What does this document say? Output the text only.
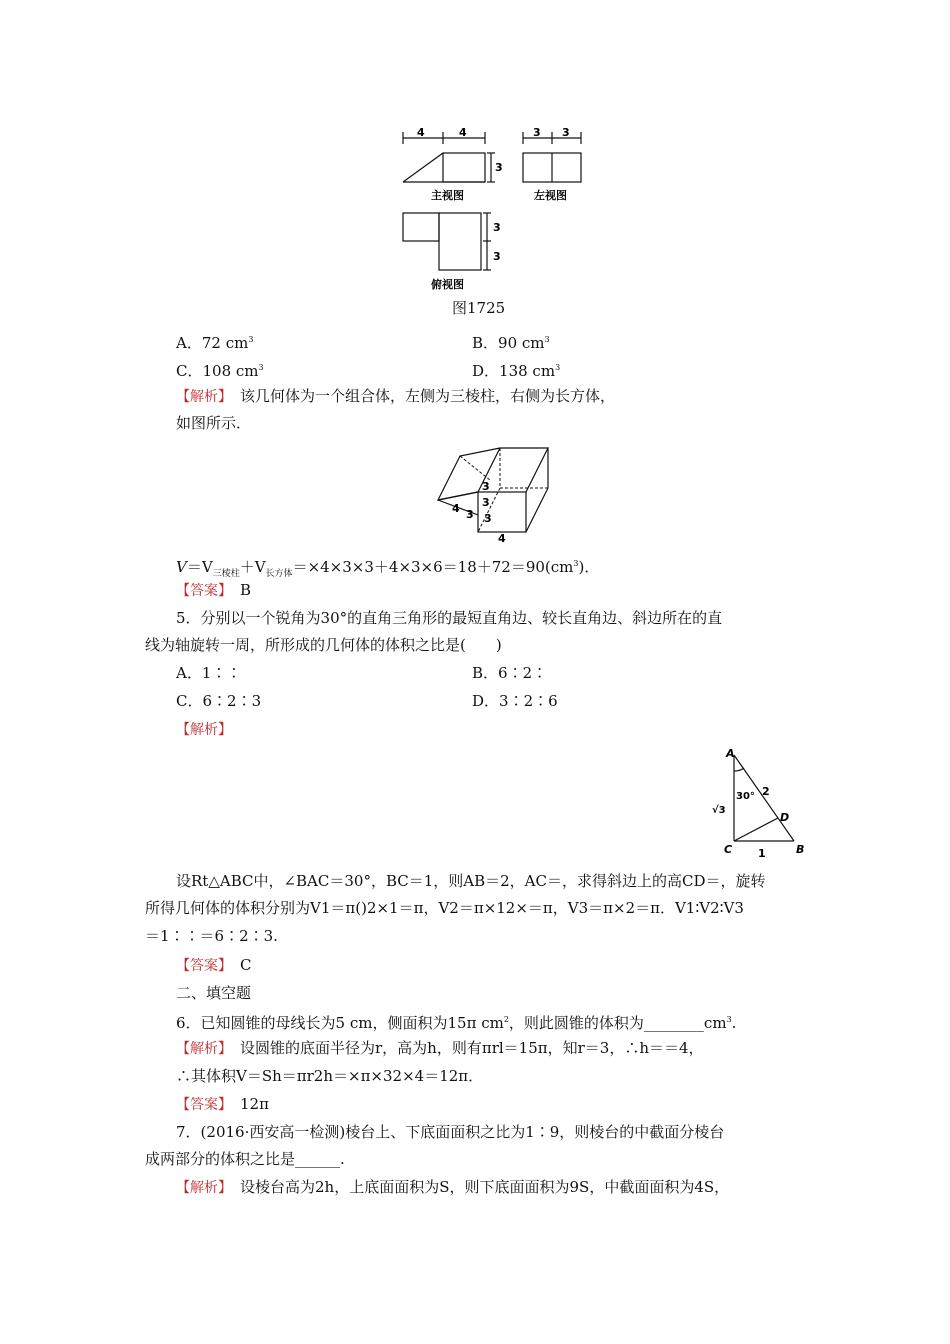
4	4
3
主视图
3 3
左视图
3
3
俯视图
图1725
A．72 $cm^3$	B．90 $cm^3$
C．108 $cm^3$	D．138 $cm^3$
【解析】　 该几何体为一个组合体，左侧为三棱柱，右侧为长方体，
如图所示．
3
3
4 3 3
4
$V=V_{三棱柱}+V_{长方体}=\times 4\times 3\times 3+4\times 3\times 6=18+72=90(cm^3)$．
【答案】　 B
5．分别以一个锐角为30°的直角三角形的最短直角边、较长直角边、斜边所在的直
线为轴旋转一周，所形成的几何体的体积之比是(　　)
A．1∶∶	B．6∶2∶
C．6∶2∶3	D．3∶2∶6
【解析】
A
B
C
D
30° 2
1
√3
设Rt△ABC中，∠BAC＝30°，BC＝1，则AB＝2，AC＝，求得斜边上的高CD＝，旋转
所得几何体的体积分别为V1＝π()2×1＝π，V2＝π×12×＝π，V3＝π×2＝π．V1∶V2∶V3
＝1∶∶＝6∶2∶3.
【答案】　 C
二、填空题
6．已知圆锥的母线长为5 cm，侧面积为15π $cm^2$，则此圆锥的体积为$\_\_\_\_\_\_\_\_cm^3$.
【解析】　 设圆锥的底面半径为r，高为h，则有πrl＝15π，知r＝3，∴h＝＝4，
∴其体积V＝Sh＝πr2h＝×π×32×4＝12π．
【答案】　 12π
7．(2016·西安高一检测)棱台上、下底面面积之比为1∶9，则棱台的中截面分棱台
成两部分的体积之比是______.
【解析】　 设棱台高为2h，上底面面积为S，则下底面面积为9S，中截面面积为4S，
